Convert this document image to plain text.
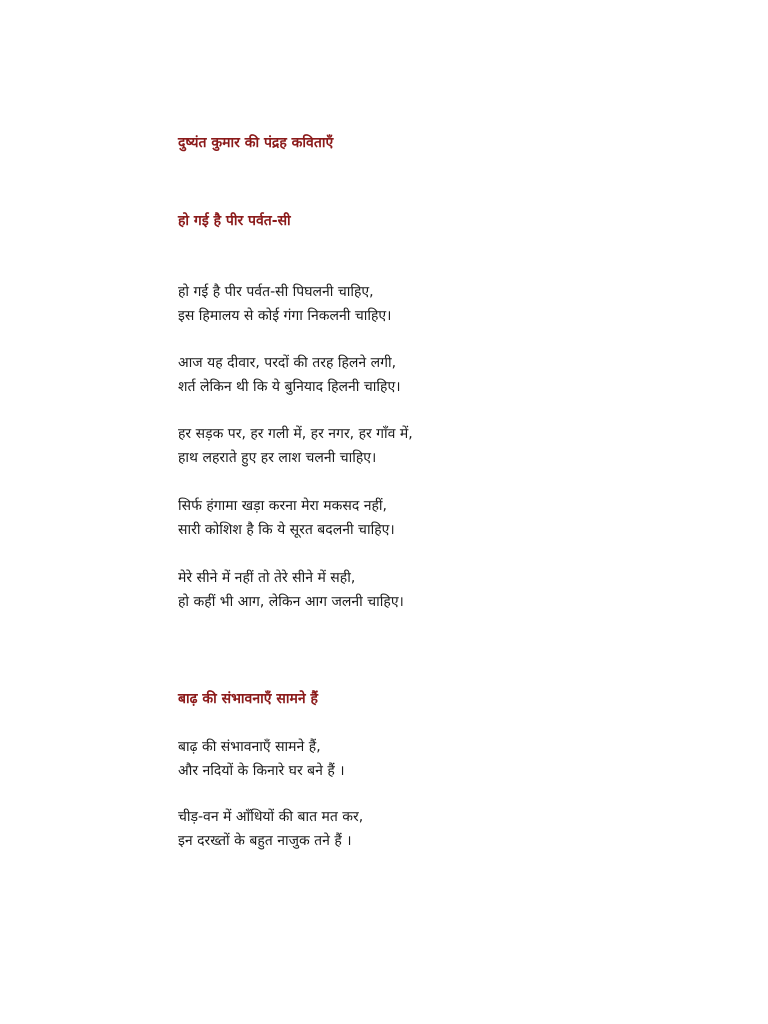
दुष्यंत कुमार की पंद्रह कविताएँ
हो गई है पीर पर्वत-सी

हो गई है पीर पर्वत-सी पिघलनी चाहिए,
इस हिमालय से कोई गंगा निकलनी चाहिए।

आज यह दीवार, परदों की तरह हिलने लगी,
शर्त लेकिन थी कि ये बुनियाद हिलनी चाहिए।

हर सड़क पर, हर गली में, हर नगर, हर गाँव में,
हाथ लहराते हुए हर लाश चलनी चाहिए।

सिर्फ हंगामा खड़ा करना मेरा मकसद नहीं,
सारी कोशिश है कि ये सूरत बदलनी चाहिए।

मेरे सीने में नहीं तो तेरे सीने में सही,
हो कहीं भी आग, लेकिन आग जलनी चाहिए।

बाढ़ की संभावनाएँ सामने हैं

बाढ़ की संभावनाएँ सामने हैं,
और नदियों के किनारे घर बने हैं ।

चीड़-वन में आँधियों की बात मत कर,
इन दरख्तों के बहुत नाजुक तने हैं ।
